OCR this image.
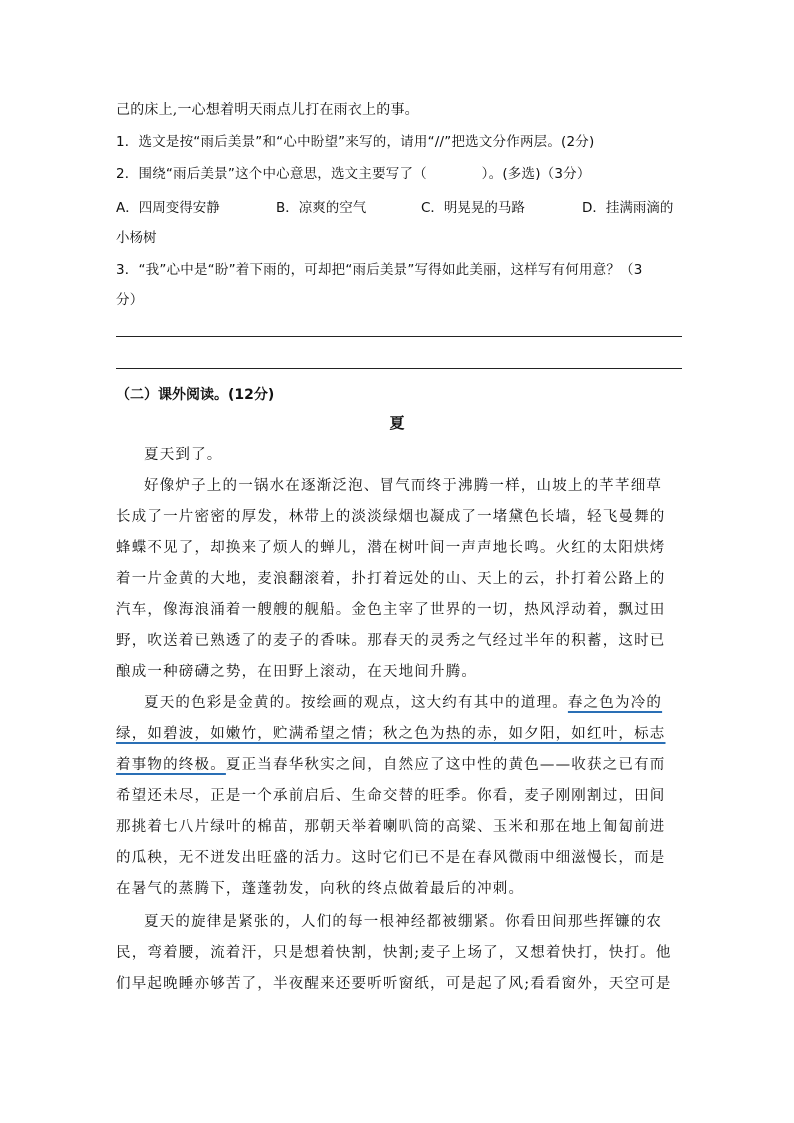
己的床上,一心想着明天雨点儿打在雨衣上的事。
1．选文是按“雨后美景”和“心中盼望”来写的，请用“//”把选文分作两层。(2分)
2．围绕“雨后美景”这个中心意思，选文主要写了（　　　　）。(多选)（3分）
A．四周变得安静	B．凉爽的空气	C．明晃晃的马路	D．挂满雨滴的
小杨树
3．“我”心中是“盼”着下雨的，可却把“雨后美景”写得如此美丽，这样写有何用意？（3
分）
（二）课外阅读。(12分)
夏
夏天到了。
好像炉子上的一锅水在逐渐泛泡、冒气而终于沸腾一样，山坡上的芊芊细草
长成了一片密密的厚发，林带上的淡淡绿烟也凝成了一堵黛色长墙，轻飞曼舞的
蜂蝶不见了，却换来了烦人的蝉儿，潜在树叶间一声声地长鸣。火红的太阳烘烤
着一片金黄的大地，麦浪翻滚着，扑打着远处的山、天上的云，扑打着公路上的
汽车，像海浪涌着一艘艘的舰船。金色主宰了世界的一切，热风浮动着，飘过田
野，吹送着已熟透了的麦子的香味。那春天的灵秀之气经过半年的积蓄，这时已
酿成一种磅礴之势，在田野上滚动，在天地间升腾。
夏天的色彩是金黄的。按绘画的观点，这大约有其中的道理。春之色为冷的
绿，如碧波，如嫩竹，贮满希望之情；秋之色为热的赤，如夕阳，如红叶，标志
着事物的终极。夏正当春华秋实之间，自然应了这中性的黄色——收获之已有而
希望还未尽，正是一个承前启后、生命交替的旺季。你看，麦子刚刚割过，田间
那挑着七八片绿叶的棉苗，那朝天举着喇叭筒的高粱、玉米和那在地上匍匐前进
的瓜秧，无不迸发出旺盛的活力。这时它们已不是在春风微雨中细滋慢长，而是
在暑气的蒸腾下，蓬蓬勃发，向秋的终点做着最后的冲刺。
夏天的旋律是紧张的，人们的每一根神经都被绷紧。你看田间那些挥镰的农
民，弯着腰，流着汗，只是想着快割，快割;麦子上场了，又想着快打，快打。他
们早起晚睡亦够苦了，半夜醒来还要听听窗纸，可是起了风;看看窗外，天空可是
